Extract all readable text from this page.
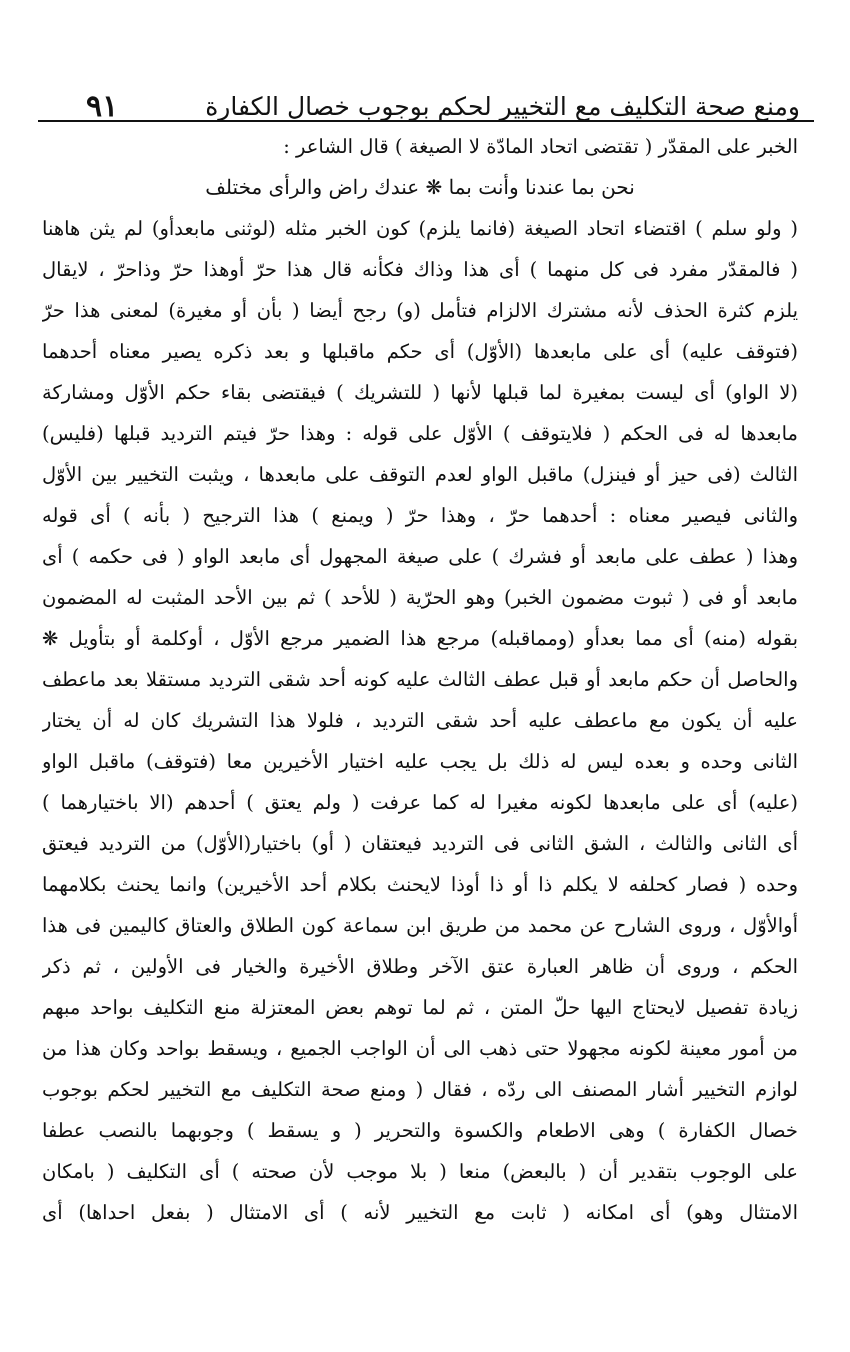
ومنع صحة التكليف مع التخيير لحكم بوجوب خصال الكفارة
٩١
الخبر على المقدّر ( تقتضى اتحاد المادّة لا الصيغة ) قال الشاعر :
نحن بما عندنا وأنت بما ❋ عندك راض والرأى مختلف
( ولو سلم ) اقتضاء اتحاد الصيغة (فانما يلزم) كون الخبر مثله (لوثنى مابعدأو) لم يثن هاهنا
( فالمقدّر مفرد فى كل منهما ) أى هذا وذاك فكأنه قال هذا حرّ أوهذا حرّ وذاحرّ ، لايقال
يلزم كثرة الحذف لأنه مشترك الالزام فتأمل (و) رجح أيضا ( بأن أو مغيرة) لمعنى هذا حرّ
(فتوقف عليه) أى على مابعدها (الأوّل) أى حكم ماقبلها و بعد ذكره يصير معناه أحدهما
(لا الواو) أى ليست بمغيرة لما قبلها لأنها ( للتشريك ) فيقتضى بقاء حكم الأوّل ومشاركة
مابعدها له فى الحكم ( فلايتوقف ) الأوّل على قوله : وهذا حرّ فيتم الترديد قبلها (فليس)
الثالث (فى حيز أو فينزل) ماقبل الواو لعدم التوقف على مابعدها ، ويثبت التخيير بين الأوّل
والثانى فيصير معناه : أحدهما حرّ ، وهذا حرّ ( ويمنع ) هذا الترجيح ( بأنه ) أى قوله
وهذا ( عطف على مابعد أو فشرك ) على صيغة المجهول أى مابعد الواو ( فى حكمه ) أى
مابعد أو فى ( ثبوت مضمون الخبر) وهو الحرّية ( للأحد ) ثم بين الأحد المثبت له المضمون
بقوله (منه) أى مما بعدأو (ومماقبله) مرجع هذا الضمير مرجع الأوّل ، أوكلمة أو بتأويل ❋
والحاصل أن حكم مابعد أو قبل عطف الثالث عليه كونه أحد شقى الترديد مستقلا بعد ماعطف
عليه أن يكون مع ماعطف عليه أحد شقى الترديد ، فلولا هذا التشريك كان له أن يختار
الثانى وحده و بعده ليس له ذلك بل يجب عليه اختيار الأخيرين معا (فتوقف) ماقبل الواو
(عليه) أى على مابعدها لكونه مغيرا له كما عرفت ( ولم يعتق ) أحدهم (الا باختيارهما )
أى الثانى والثالث ، الشق الثانى فى الترديد فيعتقان ( أو) باختيار(الأوّل) من الترديد فيعتق
وحده ( فصار كحلفه لا يكلم ذا أو ذا أوذا لايحنث بكلام أحد الأخيرين) وانما يحنث بكلامهما
أوالأوّل ، وروى الشارح عن محمد من طريق ابن سماعة كون الطلاق والعتاق كاليمين فى هذا
الحكم ، وروى أن ظاهر العبارة عتق الآخر وطلاق الأخيرة والخيار فى الأولين ، ثم ذكر
زيادة تفصيل لايحتاج اليها حلّ المتن ، ثم لما توهم بعض المعتزلة منع التكليف بواحد مبهم
من أمور معينة لكونه مجهولا حتى ذهب الى أن الواجب الجميع ، ويسقط بواحد وكان هذا من
لوازم التخيير أشار المصنف الى ردّه ، فقال ( ومنع صحة التكليف مع التخيير لحكم بوجوب
خصال الكفارة ) وهى الاطعام والكسوة والتحرير ( و يسقط ) وجوبهما بالنصب عطفا
على الوجوب بتقدير أن ( بالبعض) منعا ( بلا موجب لأن صحته ) أى التكليف ( بامكان
الامتثال وهو) أى امكانه ( ثابت مع التخيير لأنه ) أى الامتثال ( بفعل احداها) أى
